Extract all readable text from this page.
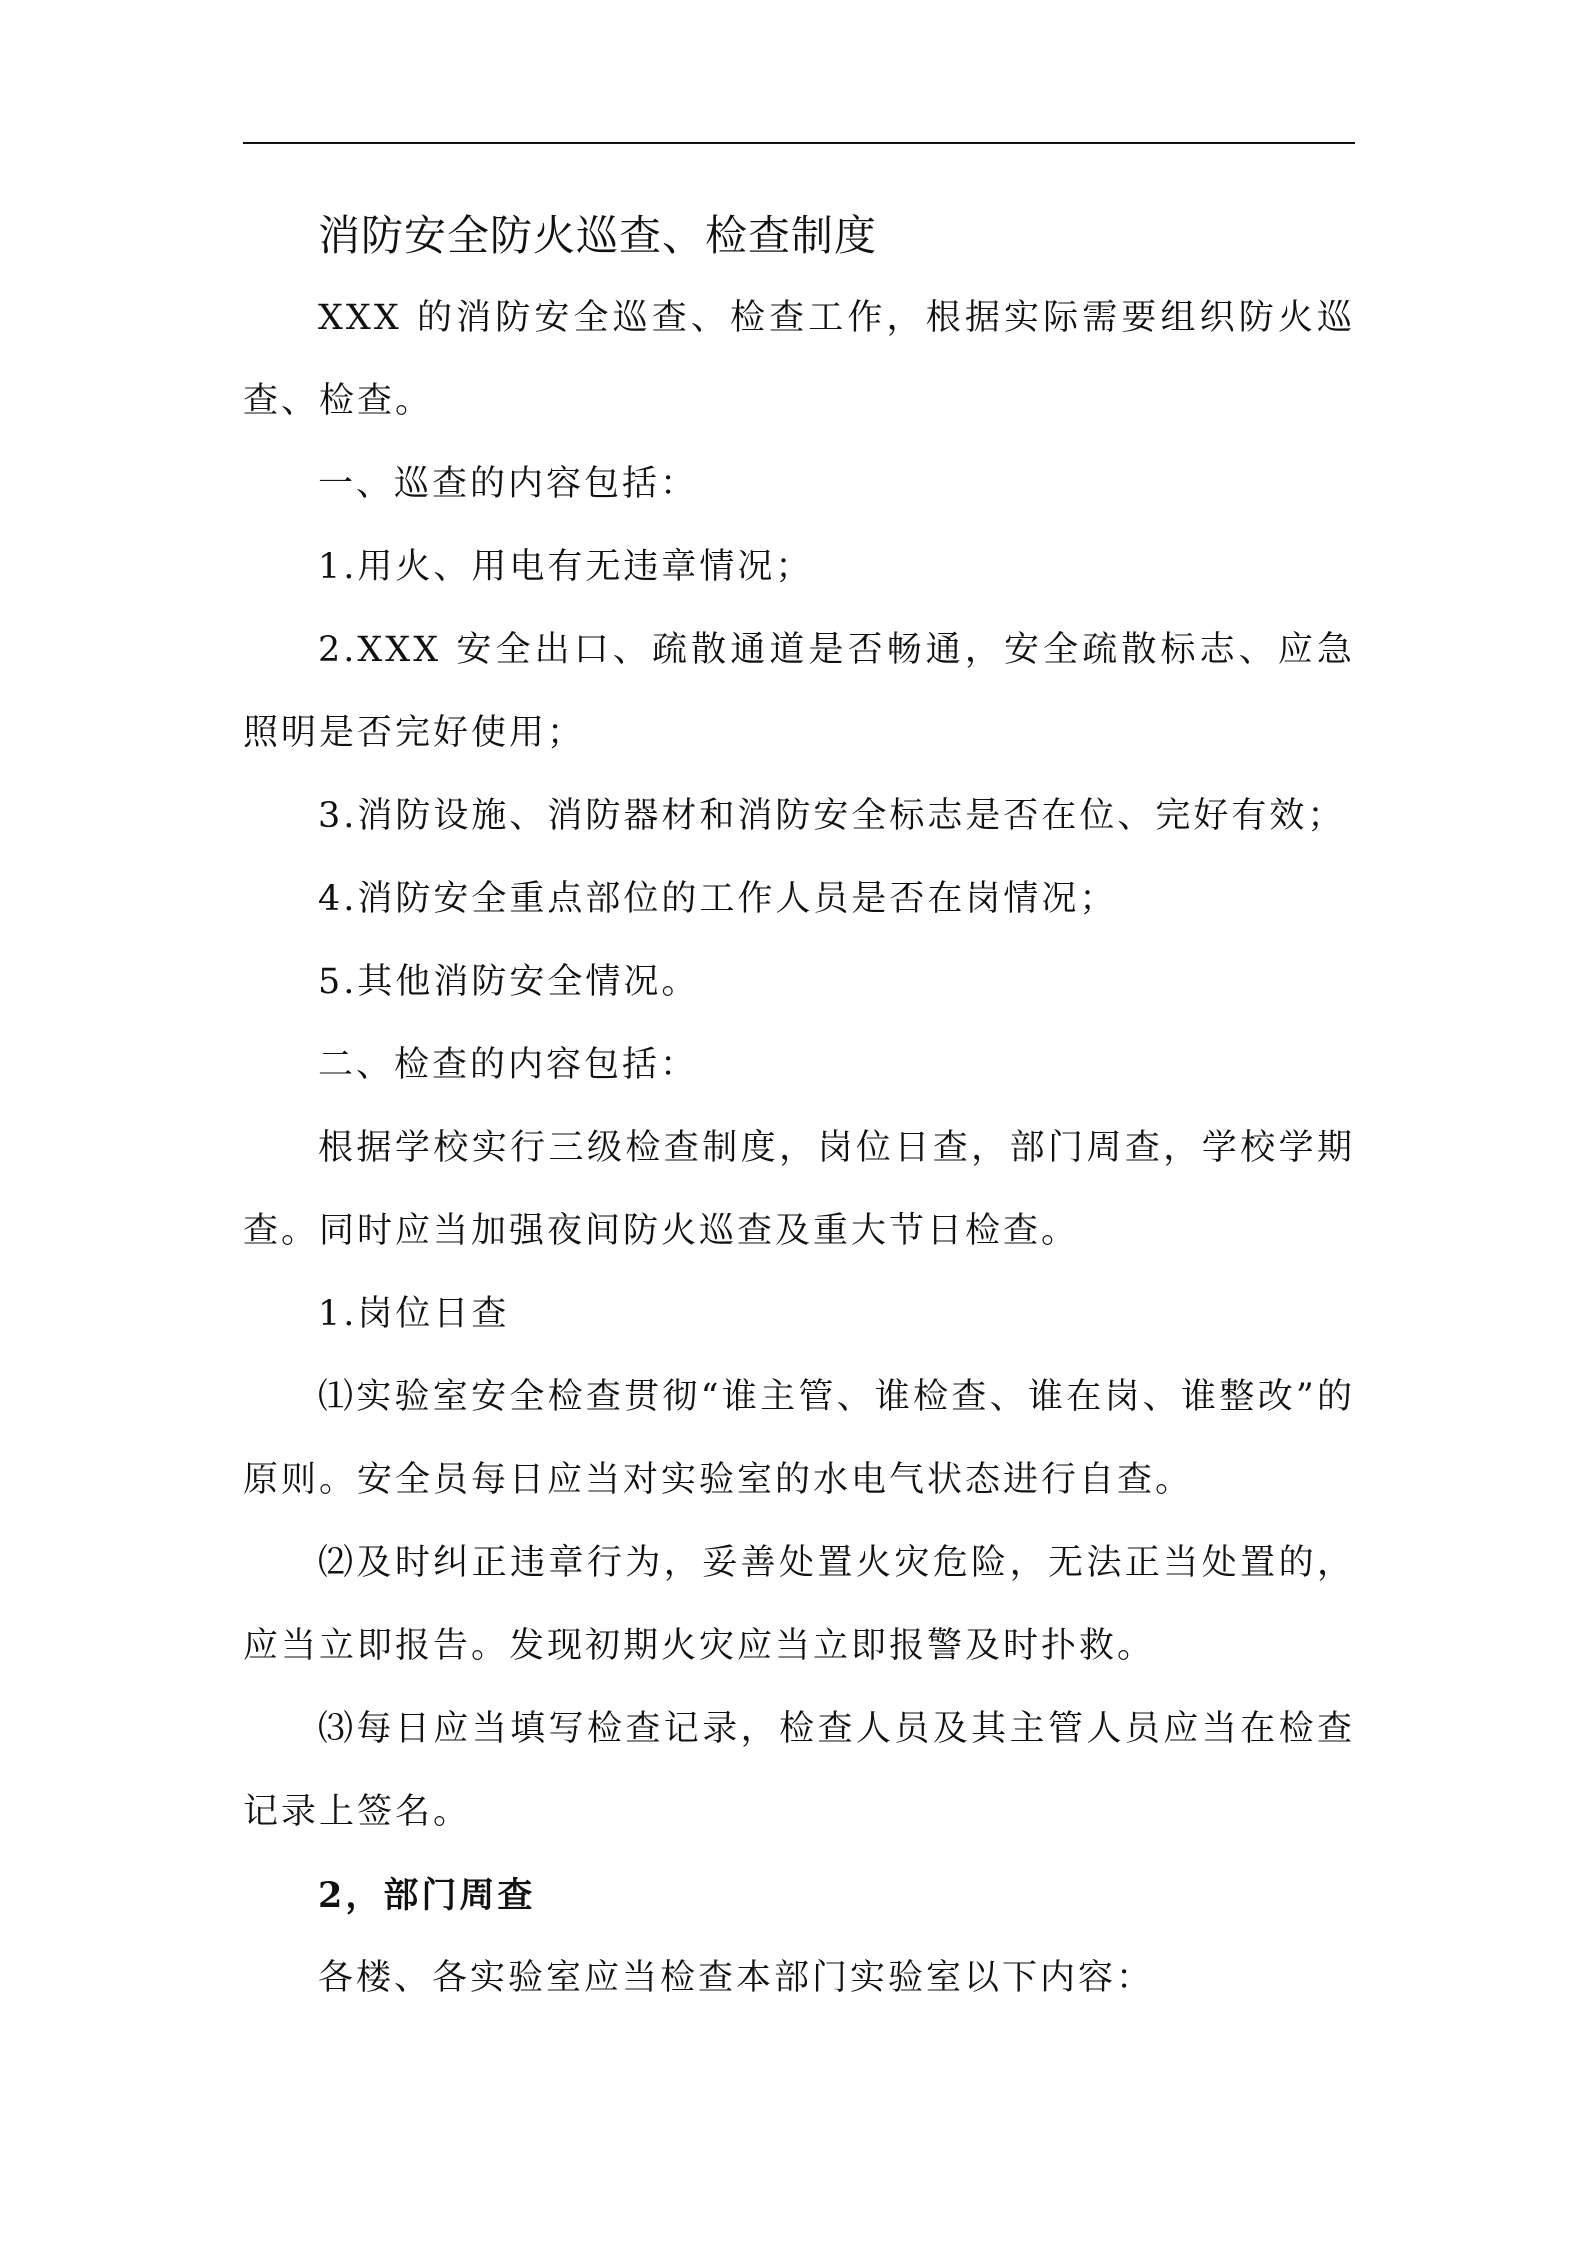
消防安全防火巡查、检查制度

XXX 的消防安全巡查、检查工作，根据实际需要组织防火巡查、检查。

一、巡查的内容包括：

1.用火、用电有无违章情况；

2.XXX 安全出口、疏散通道是否畅通，安全疏散标志、应急照明是否完好使用；

3.消防设施、消防器材和消防安全标志是否在位、完好有效；

4.消防安全重点部位的工作人员是否在岗情况；

5.其他消防安全情况。

二、检查的内容包括：

根据学校实行三级检查制度，岗位日查，部门周查，学校学期查。同时应当加强夜间防火巡查及重大节日检查。

1.岗位日查

⑴实验室安全检查贯彻“谁主管、谁检查、谁在岗、谁整改”的原则。安全员每日应当对实验室的水电气状态进行自查。

⑵及时纠正违章行为，妥善处置火灾危险，无法正当处置的，应当立即报告。发现初期火灾应当立即报警及时扑救。

⑶每日应当填写检查记录，检查人员及其主管人员应当在检查记录上签名。

2，部门周查

各楼、各实验室应当检查本部门实验室以下内容：
